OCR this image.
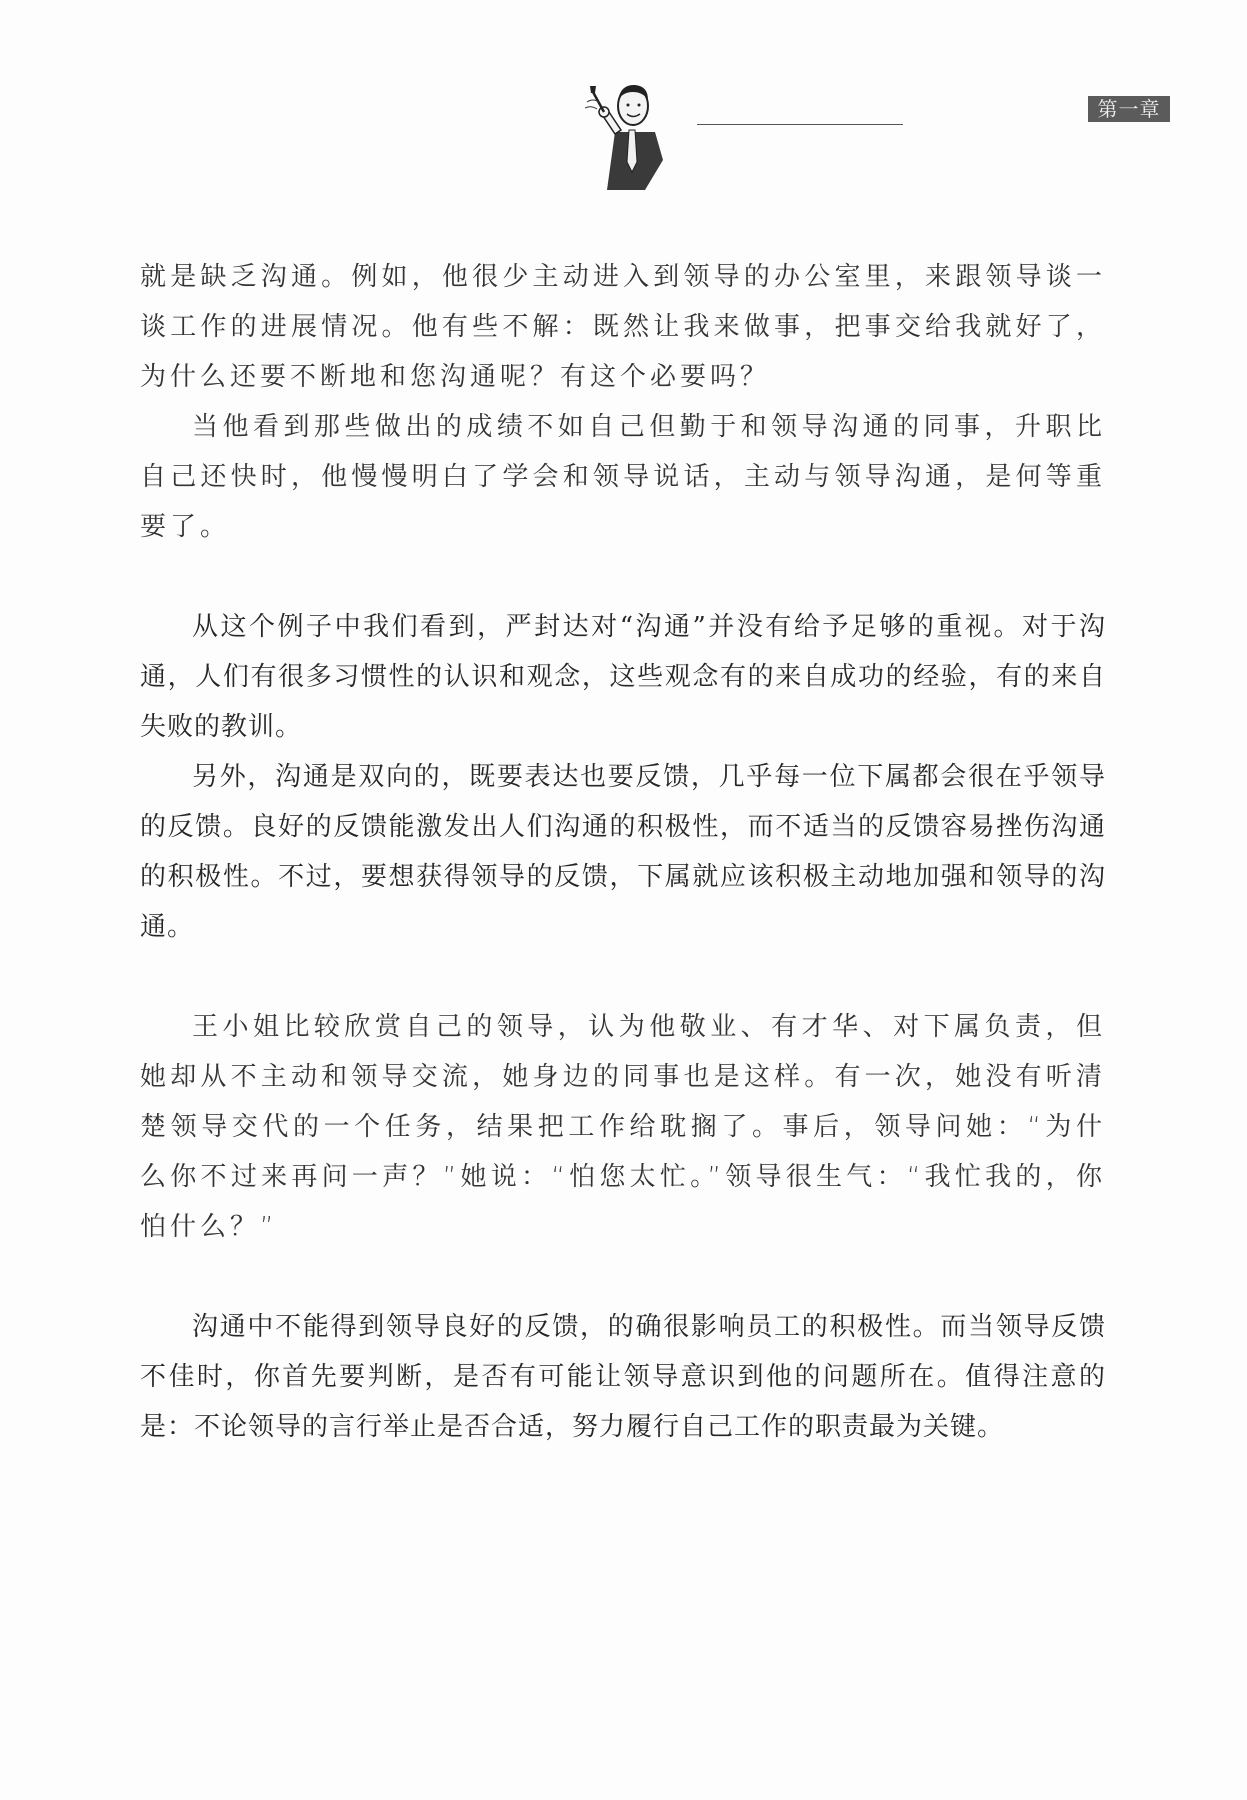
第一章

就是缺乏沟通。例如，他很少主动进入到领导的办公室里，来跟领导谈一谈工作的进展情况。他有些不解：既然让我来做事，把事交给我就好了，为什么还要不断地和您沟通呢？有这个必要吗？

当他看到那些做出的成绩不如自己但勤于和领导沟通的同事，升职比自己还快时，他慢慢明白了学会和领导说话，主动与领导沟通，是何等重要了。

从这个例子中我们看到，严封达对“沟通”并没有给予足够的重视。对于沟通，人们有很多习惯性的认识和观念，这些观念有的来自成功的经验，有的来自失败的教训。

另外，沟通是双向的，既要表达也要反馈，几乎每一位下属都会很在乎领导的反馈。良好的反馈能激发出人们沟通的积极性，而不适当的反馈容易挫伤沟通的积极性。不过，要想获得领导的反馈，下属就应该积极主动地加强和领导的沟通。

王小姐比较欣赏自己的领导，认为他敬业、有才华、对下属负责，但她却从不主动和领导交流，她身边的同事也是这样。有一次，她没有听清楚领导交代的一个任务，结果把工作给耽搁了。事后，领导问她：“为什么你不过来再问一声？”她说：“怕您太忙。”领导很生气：“我忙我的，你怕什么？”

沟通中不能得到领导良好的反馈，的确很影响员工的积极性。而当领导反馈不佳时，你首先要判断，是否有可能让领导意识到他的问题所在。值得注意的是：不论领导的言行举止是否合适，努力履行自己工作的职责最为关键。
